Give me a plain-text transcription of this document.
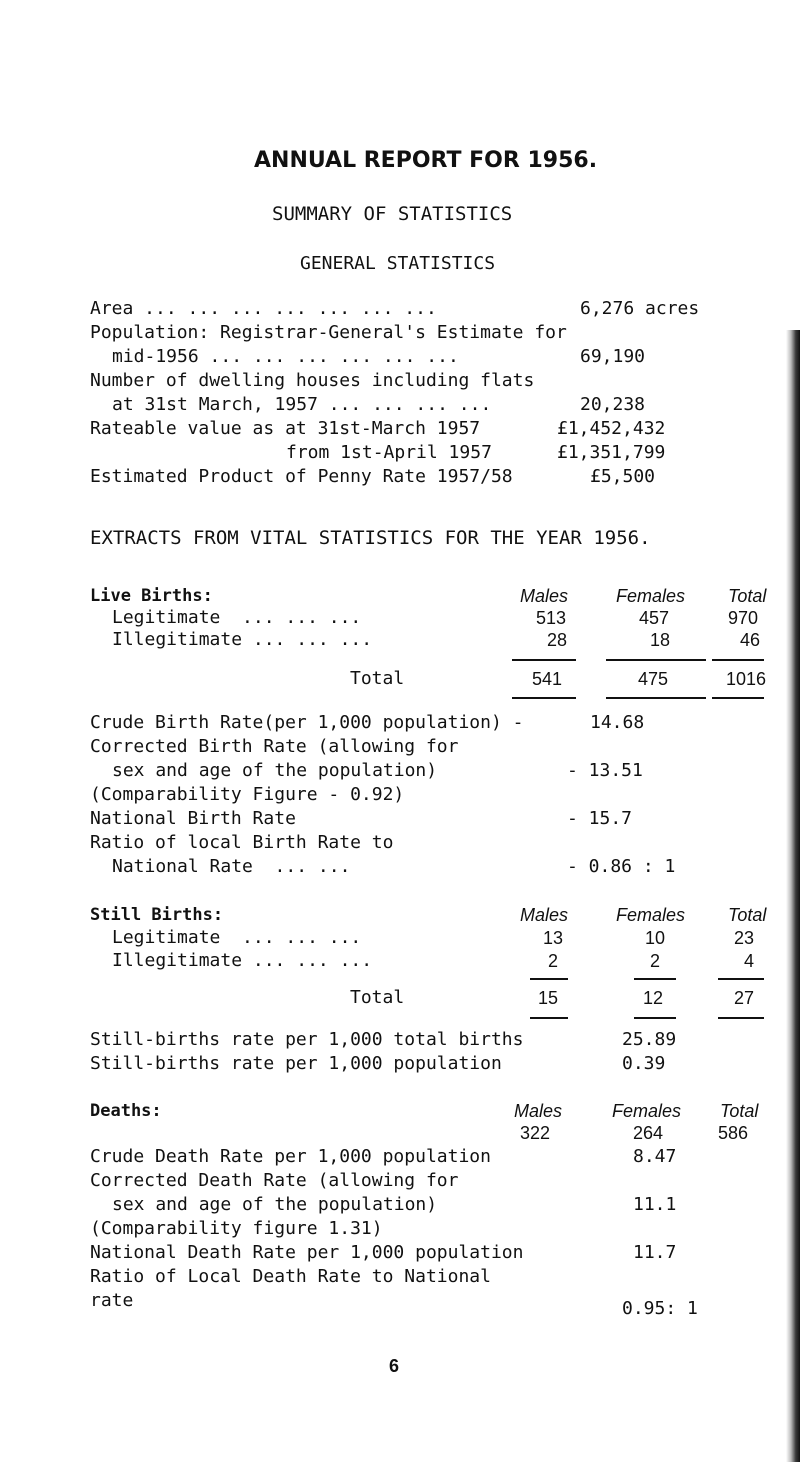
ANNUAL REPORT FOR 1956.
SUMMARY OF STATISTICS
GENERAL STATISTICS
Area ... ... ... ... ... ... ...	6,276 acres
Population: Registrar-General's Estimate for
mid-1956 ... ... ... ... ... ...	69,190
Number of dwelling houses including flats
at 31st March, 1957 ... ... ... ...	20,238
Rateable value as at 31st-March 1957	£1,452,432
from 1st-April 1957	£1,351,799
Estimated Product of Penny Rate 1957/58	£5,500
EXTRACTS FROM VITAL STATISTICS FOR THE YEAR 1956.
Live Births:	Males	Females Total
Legitimate  ... ... ...	513	457	970
Illegitimate ... ... ...	28	18	46
Total	541	475	1016
Crude Birth Rate(per 1,000 population) -	14.68
Corrected Birth Rate (allowing for
sex and age of the population)	- 13.51
(Comparability Figure - 0.92)
National Birth Rate	- 15.7
Ratio of local Birth Rate to
National Rate  ... ...	- 0.86 : 1
Still Births:	Males	Females Total
Legitimate  ... ... ...	13	10	23
Illegitimate ... ... ...	2	2	4
Total	15	12	27
Still-births rate per 1,000 total births	25.89
Still-births rate per 1,000 population	0.39
Deaths:	Males	Females Total
322	264	586
Crude Death Rate per 1,000 population	8.47
Corrected Death Rate (allowing for
sex and age of the population)	11.1
(Comparability figure 1.31)
National Death Rate per 1,000 population	11.7
Ratio of Local Death Rate to National
rate	0.95: 1
6
